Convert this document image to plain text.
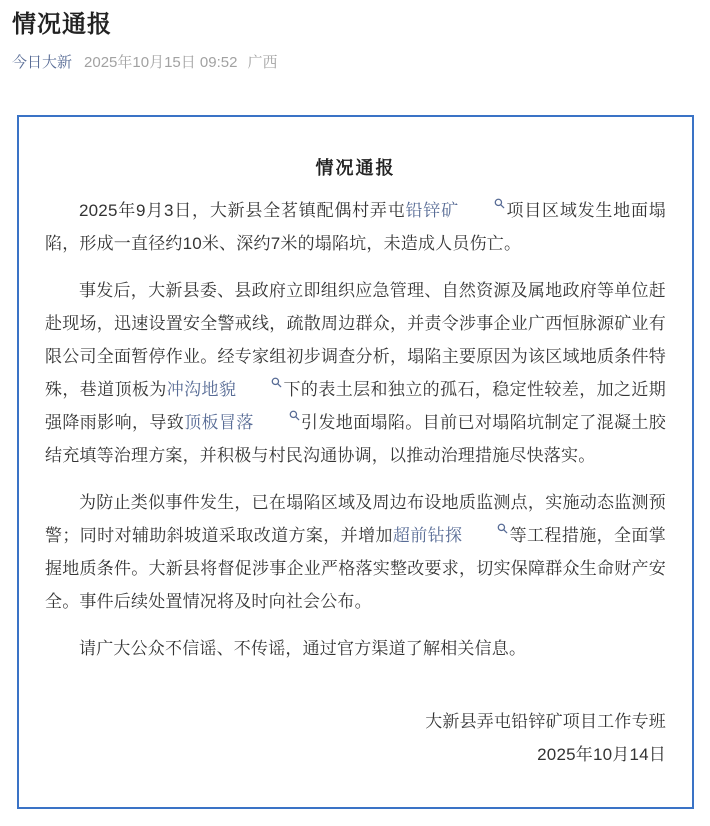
情况通报
今日大新 2025年10月15日 09:52 广西
情况通报

2025年9月3日，大新县全茗镇配偶村弄屯铅锌矿	项目区域发生地面塌陷，形成一直径约10米、深约7米的塌陷坑，未造成人员伤亡。

事发后，大新县委、县政府立即组织应急管理、自然资源及属地政府等单位赶赴现场，迅速设置安全警戒线，疏散周边群众，并责令涉事企业广西恒脉源矿业有限公司全面暂停作业。经专家组初步调查分析，塌陷主要原因为该区域地质条件特殊，巷道顶板为冲沟地貌	下的表土层和独立的孤石，稳定性较差，加之近期强降雨影响，导致顶板冒落	引发地面塌陷。目前已对塌陷坑制定了混凝土胶结充填等治理方案，并积极与村民沟通协调，以推动治理措施尽快落实。

为防止类似事件发生，已在塌陷区域及周边布设地质监测点，实施动态监测预警；同时对辅助斜坡道采取改道方案，并增加超前钻探	等工程措施，全面掌握地质条件。大新县将督促涉事企业严格落实整改要求，切实保障群众生命财产安全。事件后续处置情况将及时向社会公布。

请广大公众不信谣、不传谣，通过官方渠道了解相关信息。

大新县弄屯铅锌矿项目工作专班
2025年10月14日
